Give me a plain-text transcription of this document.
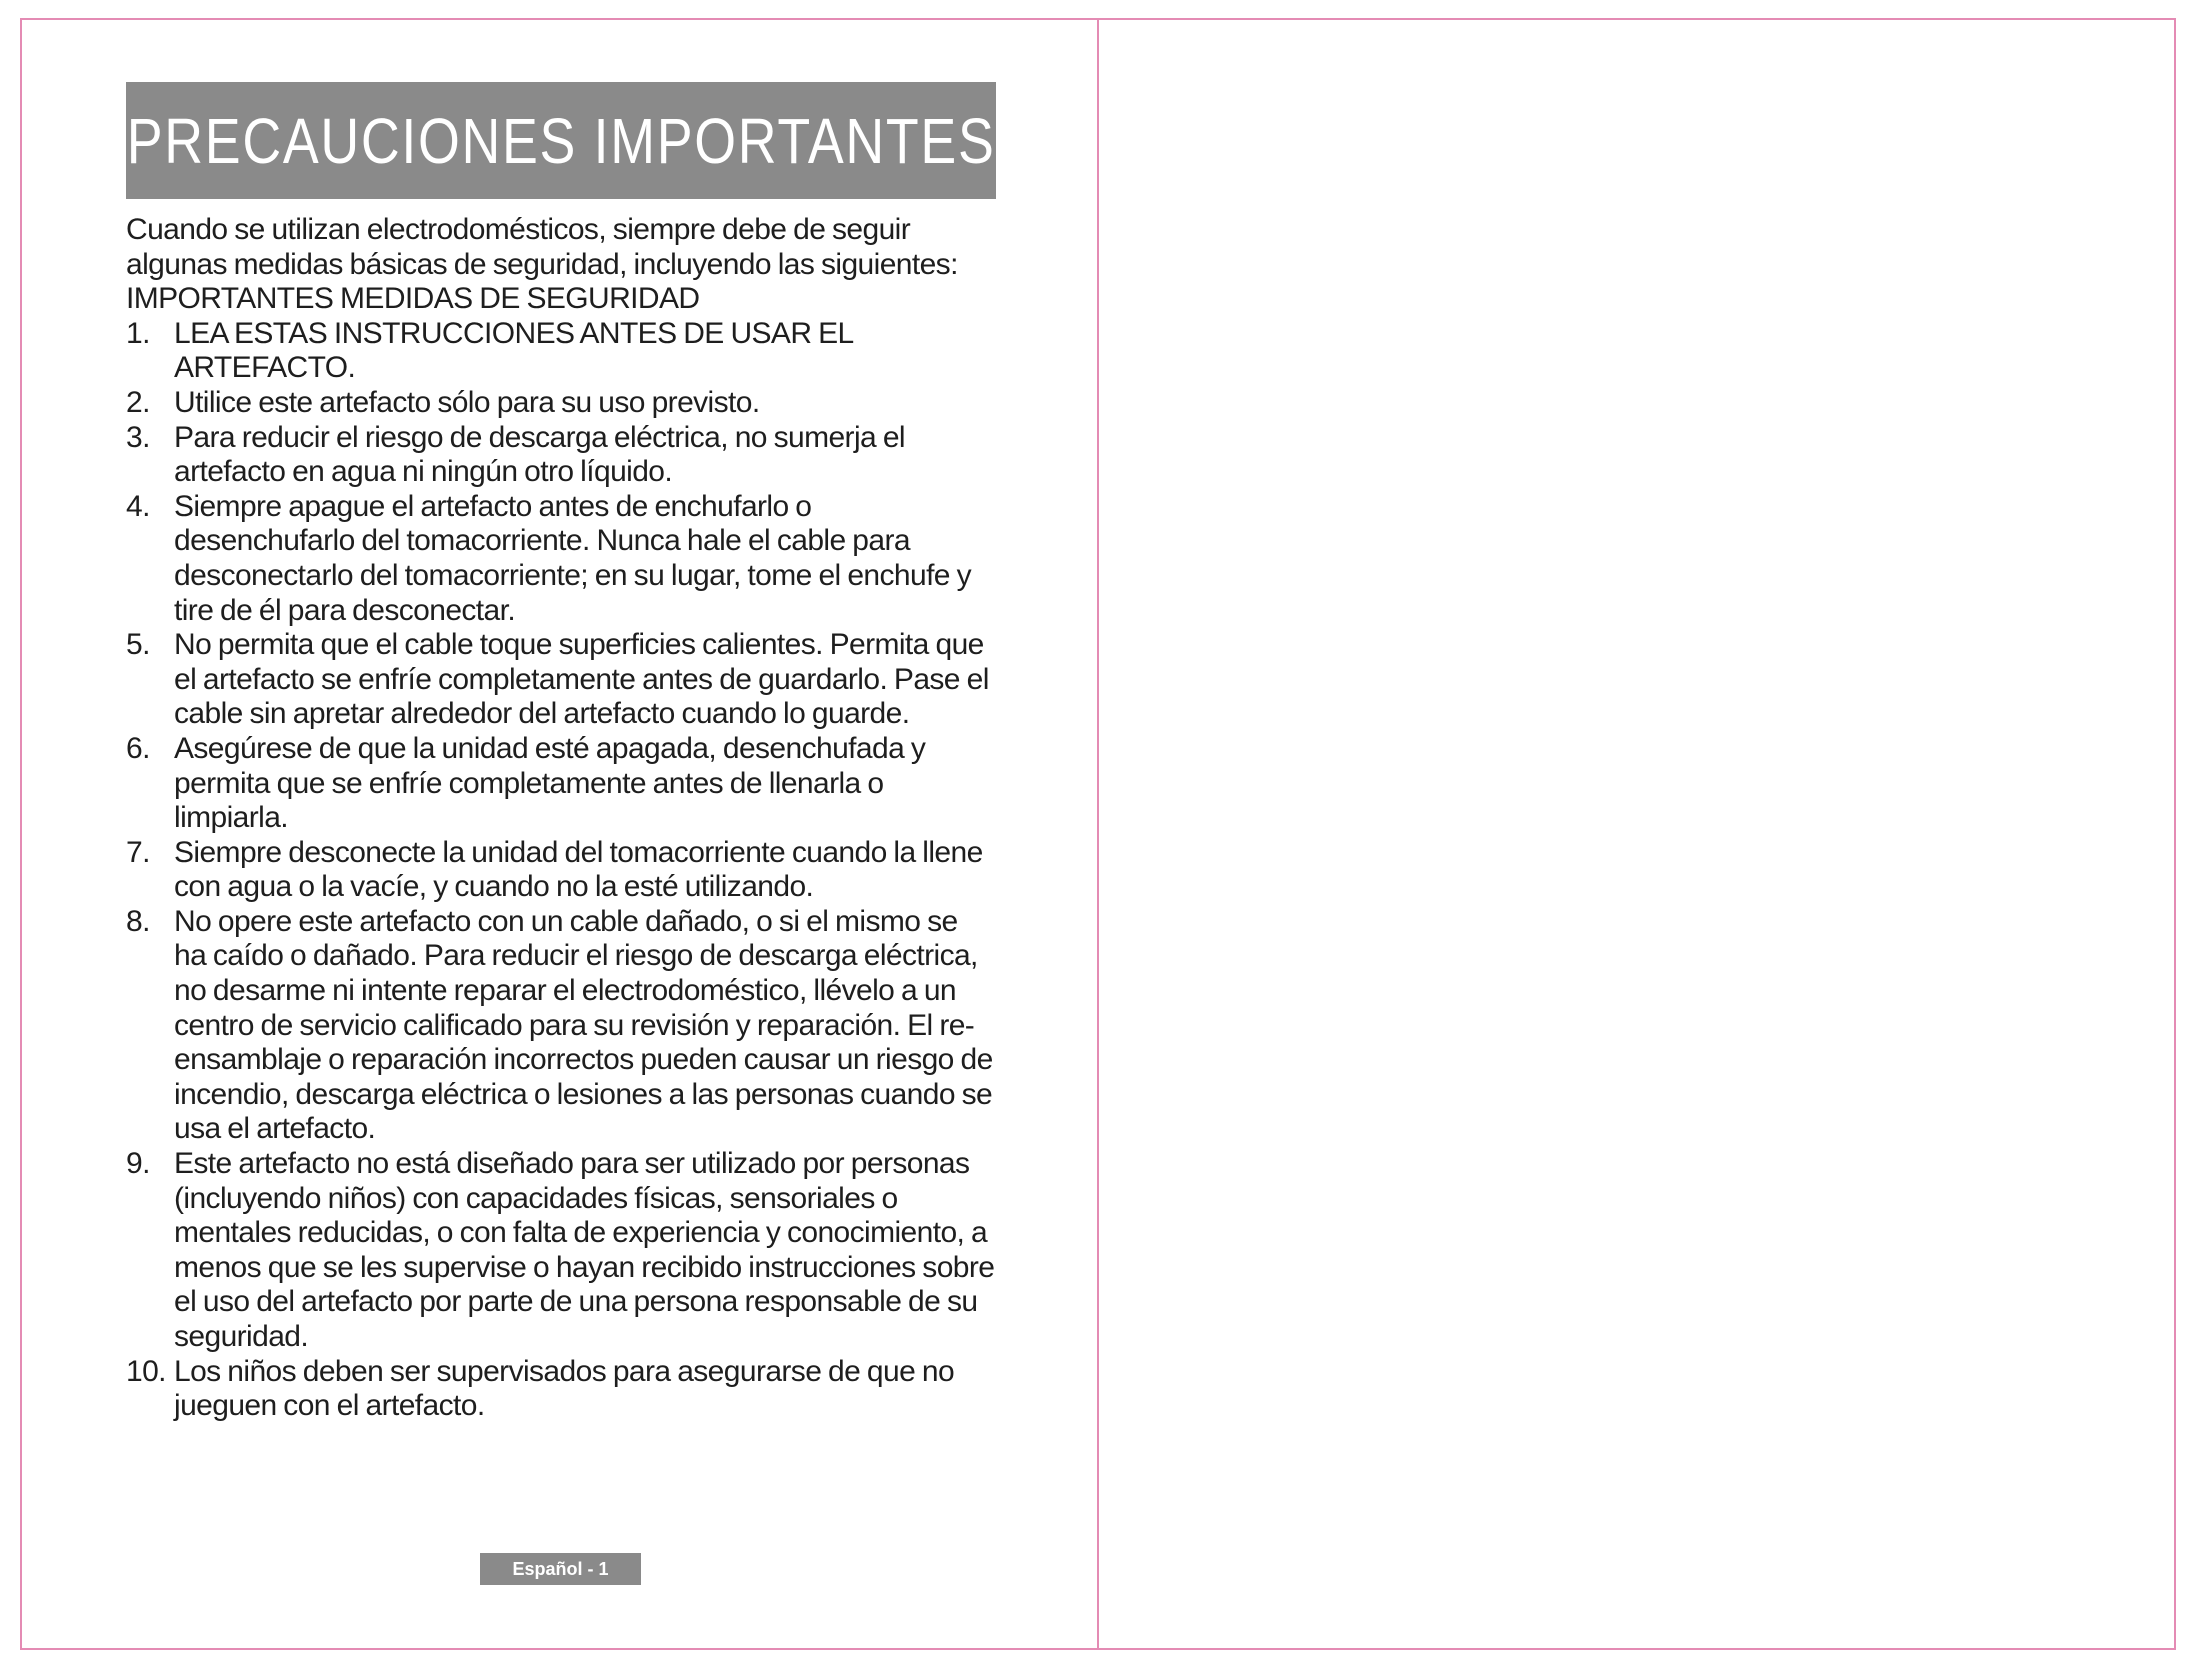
PRECAUCIONES IMPORTANTES

Cuando se utilizan electrodomésticos, siempre debe de seguir

algunas medidas básicas de seguridad, incluyendo las siguientes:

IMPORTANTES MEDIDAS DE SEGURIDAD

1. LEA ESTAS INSTRUCCIONES ANTES DE USAR EL ARTEFACTO.
2. Utilice este artefacto sólo para su uso previsto.
3. Para reducir el riesgo de descarga eléctrica, no sumerja el artefacto en agua ni ningún otro líquido.
4. Siempre apague el artefacto antes de enchufarlo o desenchufarlo del tomacorriente. Nunca hale el cable para desconectarlo del tomacorriente; en su lugar, tome el enchufe y tire de él para desconectar.
5. No permita que el cable toque superficies calientes. Permita que el artefacto se enfríe completamente antes de guardarlo. Pase el cable sin apretar alrededor del artefacto cuando lo guarde.
6. Asegúrese de que la unidad esté apagada, desenchufada y permita que se enfríe completamente antes de llenarla o limpiarla.
7. Siempre desconecte la unidad del tomacorriente cuando la llene con agua o la vacíe, y cuando no la esté utilizando.
8. No opere este artefacto con un cable dañado, o si el mismo se ha caído o dañado. Para reducir el riesgo de descarga eléctrica, no desarme ni intente reparar el electrodoméstico, llévelo a un centro de servicio calificado para su revisión y reparación. El re-ensamblaje o reparación incorrectos pueden causar un riesgo de incendio, descarga eléctrica o lesiones a las personas cuando se usa el artefacto.
9. Este artefacto no está diseñado para ser utilizado por personas (incluyendo niños) con capacidades físicas, sensoriales o mentales reducidas, o con falta de experiencia y conocimiento, a menos que se les supervise o hayan recibido instrucciones sobre el uso del artefacto por parte de una persona responsable de su seguridad.
10. Los niños deben ser supervisados para asegurarse de que no jueguen con el artefacto.
Español - 1
